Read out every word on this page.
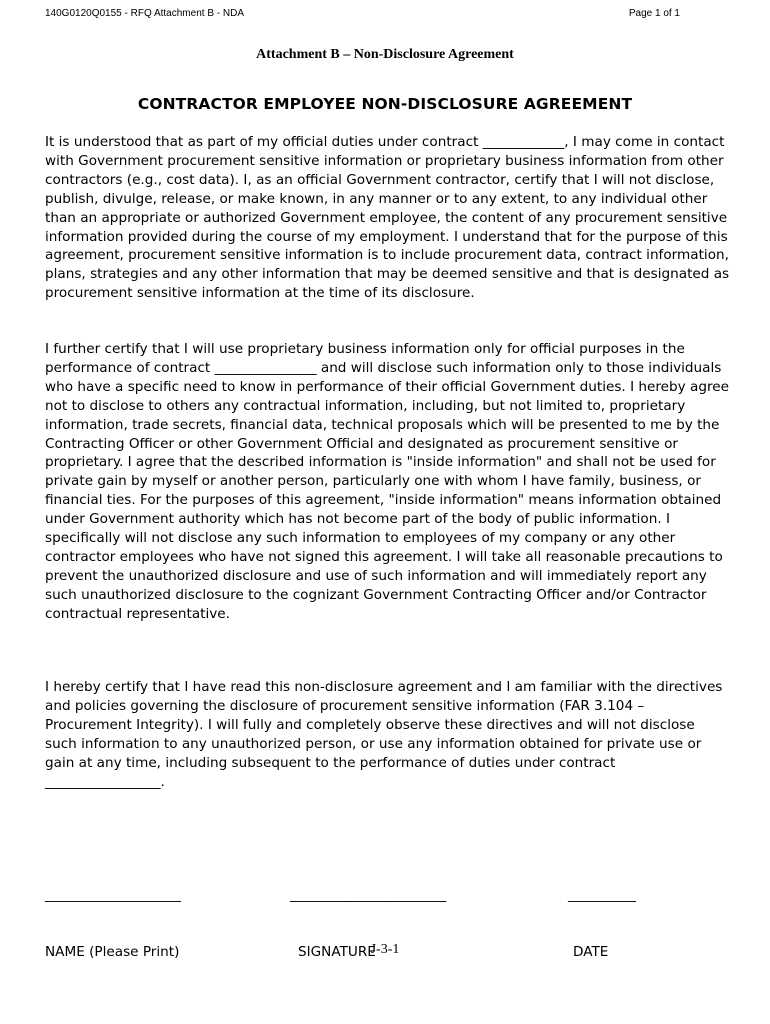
140G0120Q0155 - RFQ Attachment B - NDA	Page 1 of 1
Attachment B – Non-Disclosure Agreement
CONTRACTOR EMPLOYEE NON-DISCLOSURE AGREEMENT

It is understood that as part of my official duties under contract ____________, I may come in contact with Government procurement sensitive information or proprietary business information from other contractors (e.g., cost data). I, as an official Government contractor, certify that I will not disclose, publish, divulge, release, or make known, in any manner or to any extent, to any individual other than an appropriate or authorized Government employee, the content of any procurement sensitive information provided during the course of my employment. I understand that for the purpose of this agreement, procurement sensitive information is to include procurement data, contract information, plans, strategies and any other information that may be deemed sensitive and that is designated as procurement sensitive information at the time of its disclosure.

I further certify that I will use proprietary business information only for official purposes in the performance of contract _______________ and will disclose such information only to those individuals who have a specific need to know in performance of their official Government duties. I hereby agree not to disclose to others any contractual information, including, but not limited to, proprietary information, trade secrets, financial data, technical proposals which will be presented to me by the Contracting Officer or other Government Official and designated as procurement sensitive or proprietary. I agree that the described information is "inside information" and shall not be used for private gain by myself or another person, particularly one with whom I have family, business, or financial ties. For the purposes of this agreement, "inside information" means information obtained under Government authority which has not become part of the body of public information. I specifically will not disclose any such information to employees of my company or any other contractor employees who have not signed this agreement. I will take all reasonable precautions to prevent the unauthorized disclosure and use of such information and will immediately report any such unauthorized disclosure to the cognizant Government Contracting Officer and/or Contractor contractual representative.

I hereby certify that I have read this non-disclosure agreement and I am familiar with the directives and policies governing the disclosure of procurement sensitive information (FAR 3.104 – Procurement Integrity). I will fully and completely observe these directives and will not disclose such information to any unauthorized person, or use any information obtained for private use or gain at any time, including subsequent to the performance of duties under contract _________________.

____________________

NAME (Please Print)

_______________________

SIGNATURE

__________

DATE

J-3-1
